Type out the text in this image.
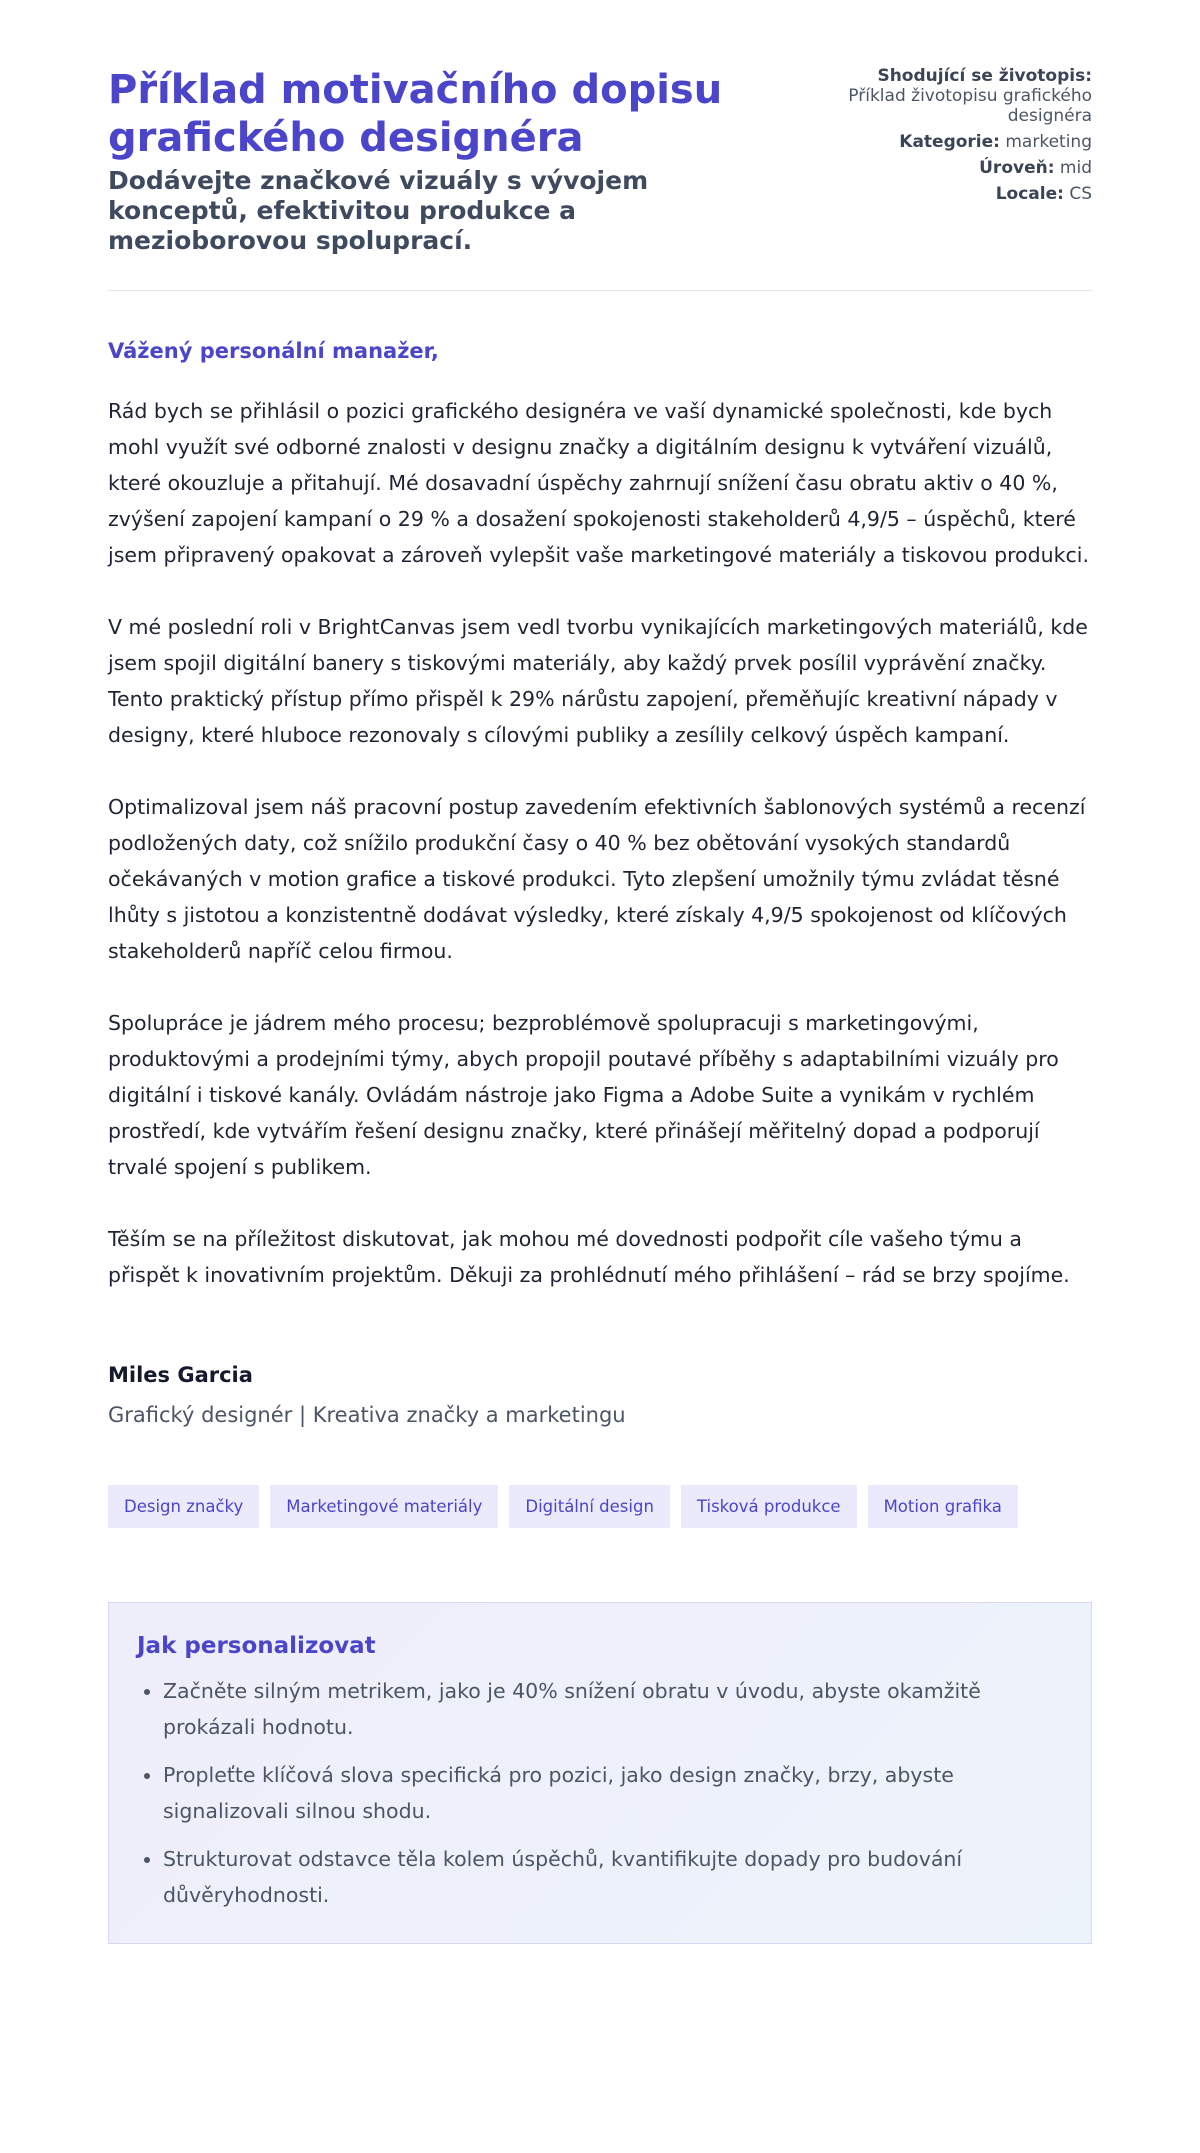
Příklad motivačního dopisu grafického designéra
Dodávejte značkové vizuály s vývojem konceptů, efektivitou produkce a mezioborovou spoluprací.
Shodující se životopis:
Příklad životopisu grafického designéra
Kategorie: marketing
Úroveň: mid
Locale: CS

Vážený personální manažer,

Rád bych se přihlásil o pozici grafického designéra ve vaší dynamické společnosti, kde bych mohl využít své odborné znalosti v designu značky a digitálním designu k vytváření vizuálů, které okouzluje a přitahují. Mé dosavadní úspěchy zahrnují snížení času obratu aktiv o 40 %, zvýšení zapojení kampaní o 29 % a dosažení spokojenosti stakeholderů 4,9/5 – úspěchů, které jsem připravený opakovat a zároveň vylepšit vaše marketingové materiály a tiskovou produkci.

V mé poslední roli v BrightCanvas jsem vedl tvorbu vynikajících marketingových materiálů, kde jsem spojil digitální banery s tiskovými materiály, aby každý prvek posílil vyprávění značky. Tento praktický přístup přímo přispěl k 29% nárůstu zapojení, přeměňujíc kreativní nápady v designy, které hluboce rezonovaly s cílovými publiky a zesílily celkový úspěch kampaní.

Optimalizoval jsem náš pracovní postup zavedením efektivních šablonových systémů a recenzí podložených daty, což snížilo produkční časy o 40 % bez obětování vysokých standardů očekávaných v motion grafice a tiskové produkci. Tyto zlepšení umožnily týmu zvládat těsné lhůty s jistotou a konzistentně dodávat výsledky, které získaly 4,9/5 spokojenost od klíčových stakeholderů napříč celou firmou.

Spolupráce je jádrem mého procesu; bezproblémově spolupracuji s marketingovými, produktovými a prodejními týmy, abych propojil poutavé příběhy s adaptabilními vizuály pro digitální i tiskové kanály. Ovládám nástroje jako Figma a Adobe Suite a vynikám v rychlém prostředí, kde vytvářím řešení designu značky, které přinášejí měřitelný dopad a podporují trvalé spojení s publikem.

Těším se na příležitost diskutovat, jak mohou mé dovednosti podpořit cíle vašeho týmu a přispět k inovativním projektům. Děkuji za prohlédnutí mého přihlášení – rád se brzy spojíme.

Miles Garcia

Grafický designér | Kreativa značky a marketingu

Design značky	Marketingové materiály	Digitální design	Tisková produkce	Motion grafika
Jak personalizovat
• Začněte silným metrikem, jako je 40% snížení obratu v úvodu, abyste okamžitě prokázali hodnotu.
• Propleťte klíčová slova specifická pro pozici, jako design značky, brzy, abyste signalizovali silnou shodu.
• Strukturovat odstavce těla kolem úspěchů, kvantifikujte dopady pro budování důvěryhodnosti.
